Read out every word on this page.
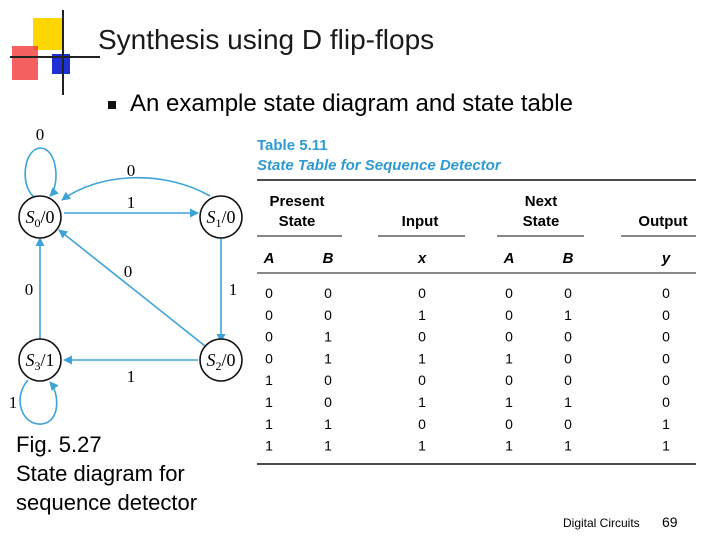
Synthesis using D flip-flops
An example state diagram and state table
$S_0/0$	$S_1/0$
$S_2/0$
$S_3/1$
0
0
1
0
0	1
1
1
Fig. 5.27
State diagram for
sequence detector
Table 5.11
State Table for Sequence Detector
Present
State	Input
Next
State	Output
A	B	x	A	B	y
0	0	0	0	0	0
0	0	1	0	1	0
0	1	0	0	0	0
0	1	1	1	0	0
1	0	0	0	0	0
1	0	1	1	1	0
1	1	0	0	0	1
1	1	1	1	1	1
Digital Circuits 69
